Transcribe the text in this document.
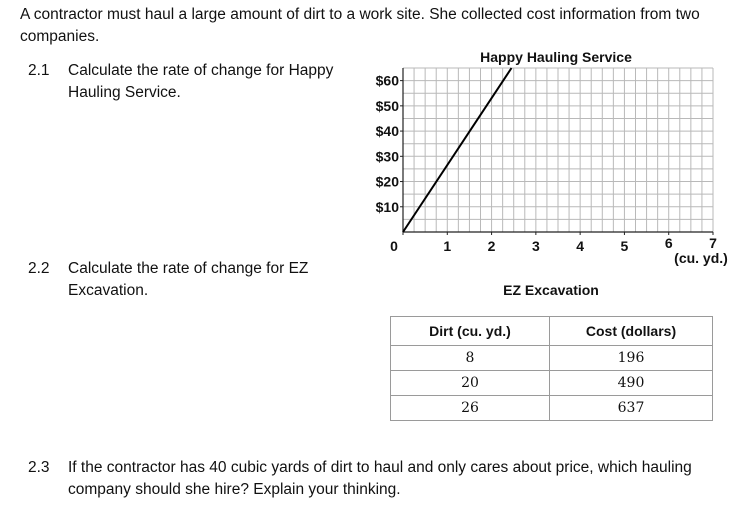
A contractor must haul a large amount of dirt to a work site. She collected cost information from two companies.
2.1 Calculate the rate of change for Happy
Hauling Service.
2.2 Calculate the rate of change for EZ
Excavation.
2.3 If the contractor has 40 cubic yards of dirt to haul and only cares about price, which hauling
company should she hire? Explain your thinking.
Happy Hauling Service
$10
$20
$30
$40
$50
$60
0	1	2	3	4	5	6	7
(cu. yd.)
EZ Excavation
Dirt (cu. yd.)	Cost (dollars)
8	196
20	490
26	637
